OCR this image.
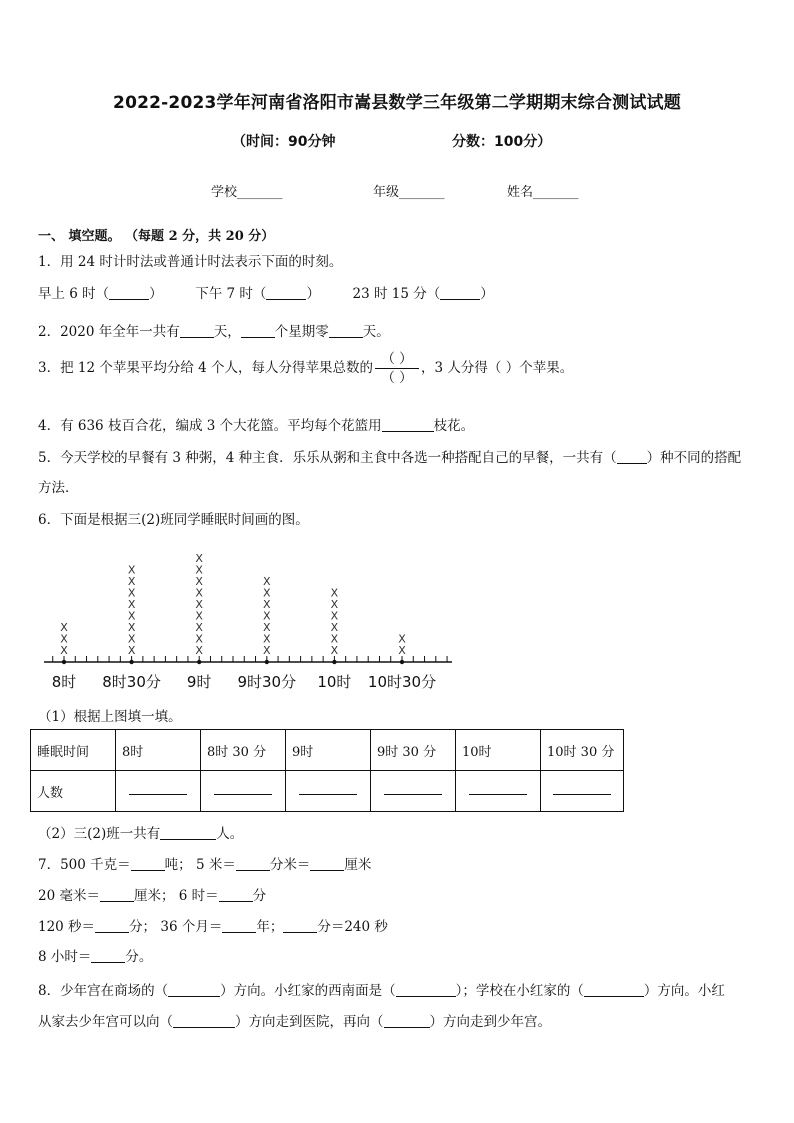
2022-2023学年河南省洛阳市嵩县数学三年级第二学期期末综合测试试题
（时间：90分钟	分数：100分）
学校_______	年级_______	姓名_______
一、 填空题。 （每题 2 分，共 20 分）
1．用 24 时计时法或普通计时法表示下面的时刻。
早上 6 时（	） 下午 7 时（	） 23 时 15 分（	）
2．2020 年全年一共有	天，	个星期零	天。
3．把 12 个苹果平均分给 4 个人，每人分得苹果总数的 $\frac{( )}{( )}$ ，3 人分得（ ）个苹果。
4．有 636 枝百合花，编成 3 个大花篮。平均每个花篮用	枝花。
5．今天学校的早餐有 3 种粥，4 种主食．乐乐从粥和主食中各选一种搭配自己的早餐，一共有（ ）种不同的搭配
方法．
6．下面是根据三(2)班同学睡眠时间画的图。
X
X
X
X
X
X
X
X
X
X
X
X
X
X
X
X
X
X
X
X
X
X
X
X
X
X
X
X
X
X
X
X
X
X
X
8时 8时30分 9时 9时30分 10时 10时30分
（1）根据上图填一填。
睡眠时间	8时	8时 30 分	9时	9时 30 分	10时	10时 30 分
人数						
（2）三(2)班一共有	人。
7．500 千克＝	吨； 5 米＝	分米＝	厘米
20 毫米＝	厘米； 6 时＝	分
120 秒＝	分； 36 个月＝	年；	分＝240 秒
8 小时＝	分。
8．少年宫在商场的（	）方向。小红家的西南面是（	）；学校在小红家的（	）方向。小红
从家去少年宫可以向（	）方向走到医院，再向（	）方向走到少年宫。
